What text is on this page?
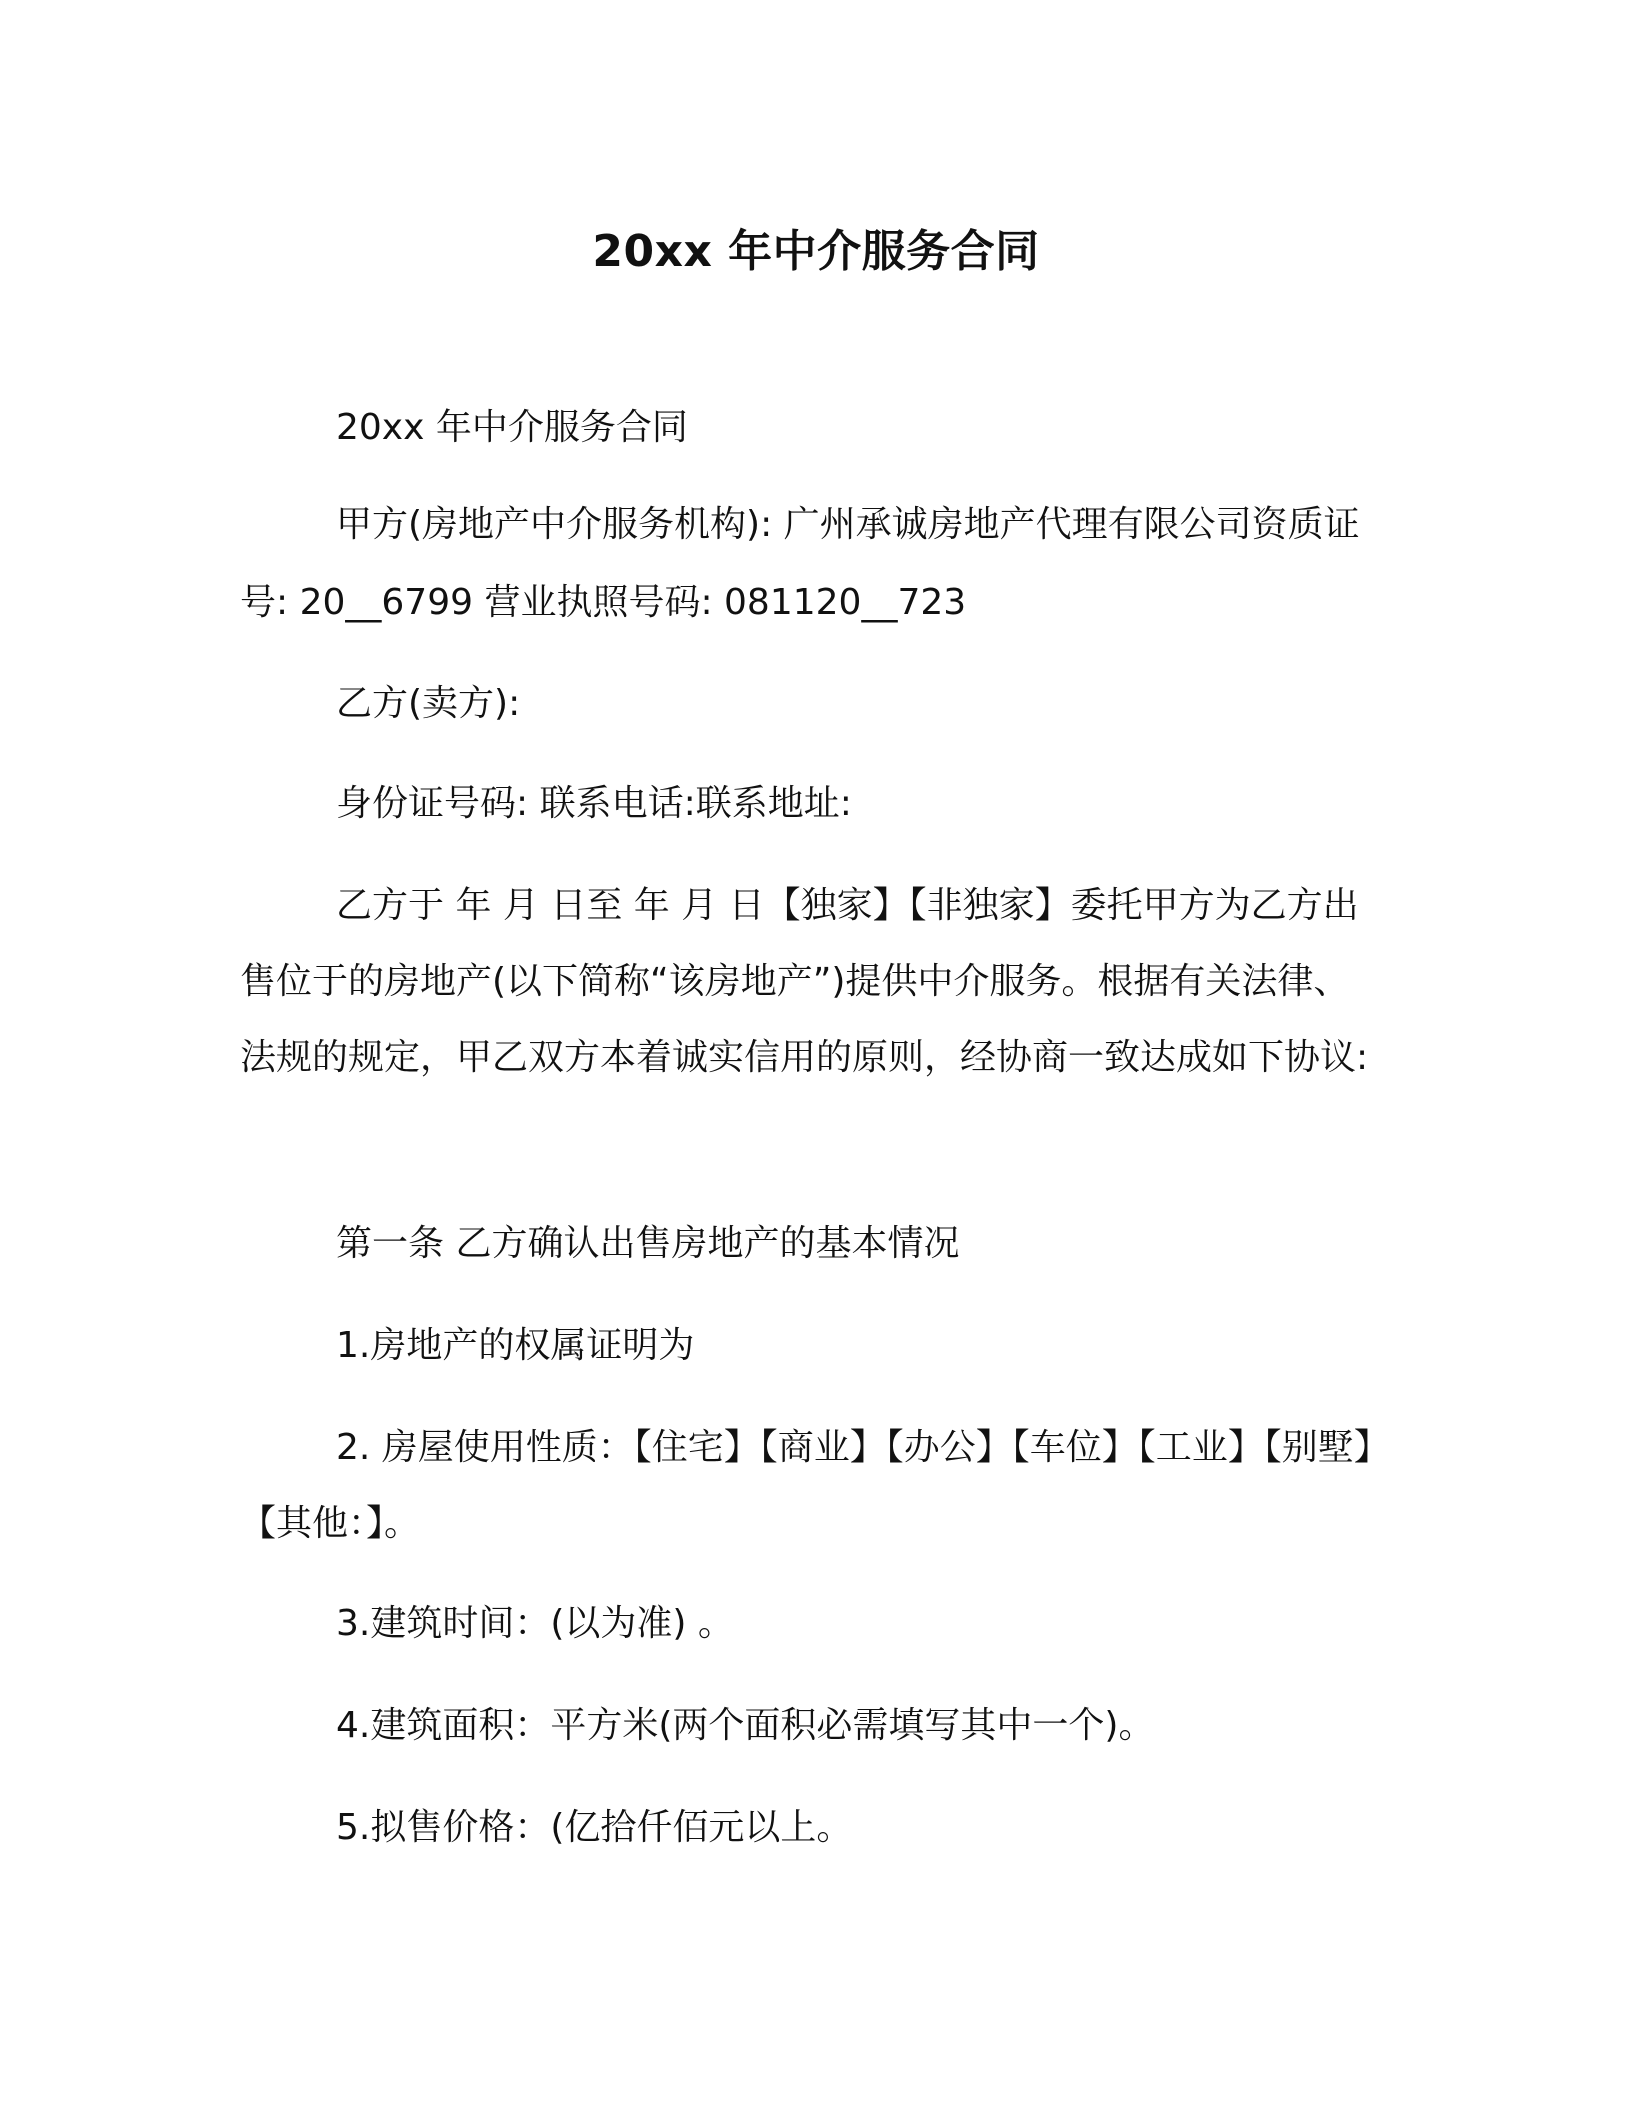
20xx 年中介服务合同
20xx 年中介服务合同
甲方(房地产中介服务机构): 广州承诚房地产代理有限公司资质证号: 20__6799 营业执照号码: 081120__723
乙方(卖方):
身份证号码: 联系电话:联系地址:
乙方于 年 月 日至 年 月 日【独家】【非独家】委托甲方为乙方出售位于的房地产(以下简称“该房地产”)提供中介服务。根据有关法律、法规的规定，甲乙双方本着诚实信用的原则，经协商一致达成如下协议:
第一条 乙方确认出售房地产的基本情况
1.房地产的权属证明为
2. 房屋使用性质：【住宅】【商业】【办公】【车位】【工业】【别墅】【其他：】。
3.建筑时间：(以为准) 。
4.建筑面积：平方米(两个面积必需填写其中一个)。
5.拟售价格：(亿拾仟佰元以上。
